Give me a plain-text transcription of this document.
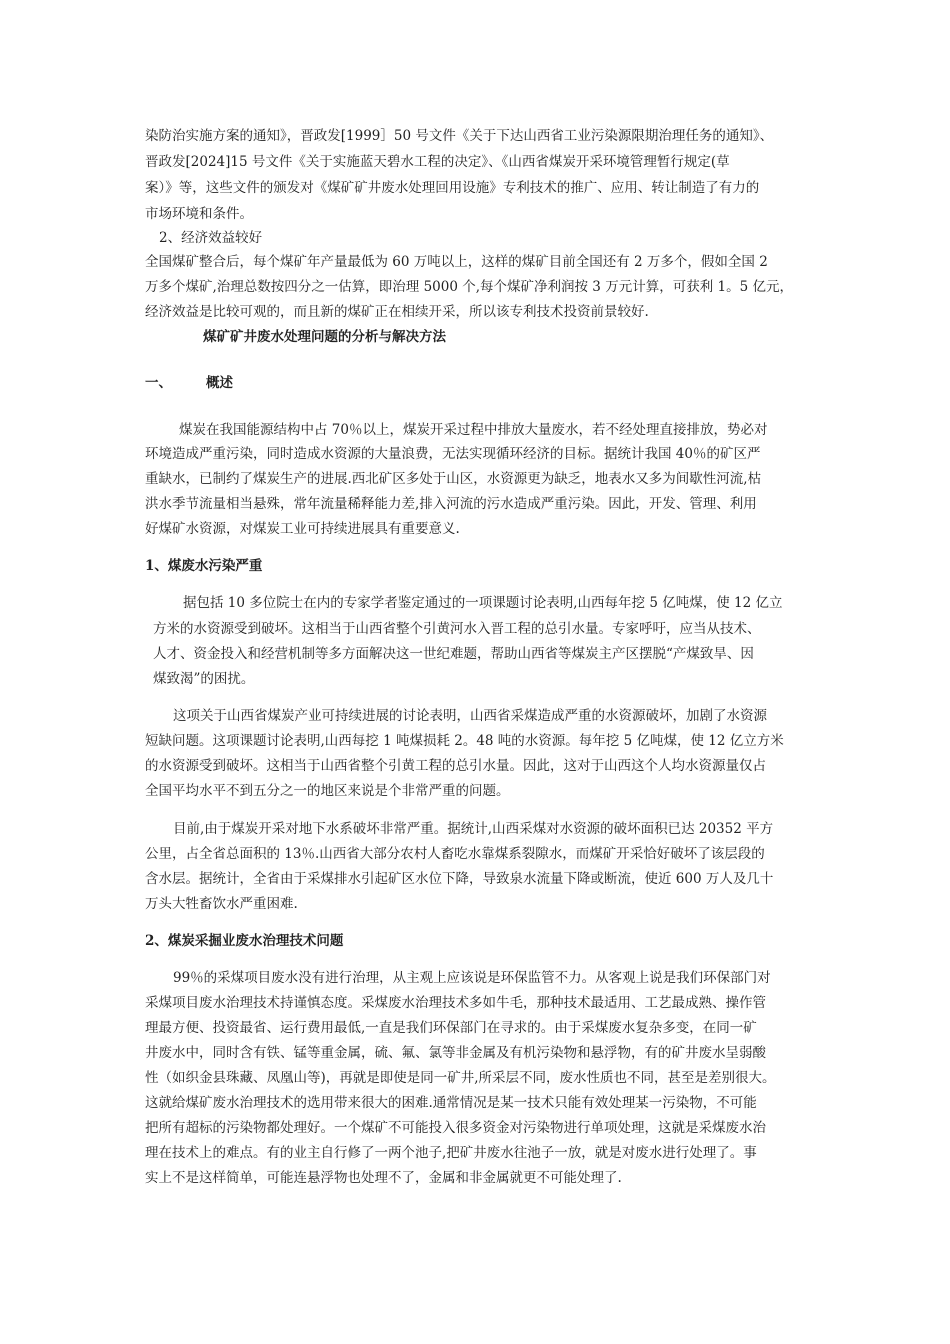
染防治实施方案的通知》，晋政发[1999］50 号文件《关于下达山西省工业污染源限期治理任务的通知》、
晋政发[2024]15 号文件《关于实施蓝天碧水工程的决定》、《山西省煤炭开采环境管理暂行规定(草
案）》等，这些文件的颁发对《煤矿矿井废水处理回用设施》专利技术的推广、应用、转让制造了有力的
市场环境和条件。
2、经济效益较好
全国煤矿整合后，每个煤矿年产量最低为 60 万吨以上，这样的煤矿目前全国还有 2 万多个，假如全国 2
万多个煤矿,治理总数按四分之一估算，即治理 5000 个,每个煤矿净利润按 3 万元计算，可获利 1。5 亿元，
经济效益是比较可观的，而且新的煤矿正在相续开采，所以该专利技术投资前景较好.
煤矿矿井废水处理问题的分析与解决方法
一、	概述
煤炭在我国能源结构中占 70％以上，煤炭开采过程中排放大量废水，若不经处理直接排放，势必对
环境造成严重污染，同时造成水资源的大量浪费，无法实现循环经济的目标。据统计我国 40％的矿区严
重缺水，已制约了煤炭生产的进展.西北矿区多处于山区，水资源更为缺乏，地表水又多为间歇性河流,枯
洪水季节流量相当悬殊，常年流量稀释能力差,排入河流的污水造成严重污染。因此，开发、管理、利用
好煤矿水资源，对煤炭工业可持续进展具有重要意义.
1、煤废水污染严重
据包括 10 多位院士在内的专家学者鉴定通过的一项课题讨论表明,山西每年挖 5 亿吨煤，使 12 亿立
方米的水资源受到破坏。这相当于山西省整个引黄河水入晋工程的总引水量。专家呼吁，应当从技术、
人才、资金投入和经营机制等多方面解决这一世纪难题，帮助山西省等煤炭主产区摆脱“产煤致旱、因
煤致渴”的困扰。
这项关于山西省煤炭产业可持续进展的讨论表明，山西省采煤造成严重的水资源破坏，加剧了水资源
短缺问题。这项课题讨论表明,山西每挖 1 吨煤损耗 2。48 吨的水资源。每年挖 5 亿吨煤，使 12 亿立方米
的水资源受到破坏。这相当于山西省整个引黄工程的总引水量。因此，这对于山西这个人均水资源量仅占
全国平均水平不到五分之一的地区来说是个非常严重的问题。
目前,由于煤炭开采对地下水系破坏非常严重。据统计,山西采煤对水资源的破坏面积已达 20352 平方
公里，占全省总面积的 13％.山西省大部分农村人畜吃水靠煤系裂隙水，而煤矿开采恰好破坏了该层段的
含水层。据统计，全省由于采煤排水引起矿区水位下降，导致泉水流量下降或断流，使近 600 万人及几十
万头大牲畜饮水严重困难.
2、煤炭采掘业废水治理技术问题
99％的采煤项目废水没有进行治理，从主观上应该说是环保监管不力。从客观上说是我们环保部门对
采煤项目废水治理技术持谨慎态度。采煤废水治理技术多如牛毛，那种技术最适用、工艺最成熟、操作管
理最方便、投资最省、运行费用最低,一直是我们环保部门在寻求的。由于采煤废水复杂多变，在同一矿
井废水中，同时含有铁、锰等重金属，硫、氟、氯等非金属及有机污染物和悬浮物，有的矿井废水呈弱酸
性（如织金县珠藏、凤凰山等)，再就是即使是同一矿井,所采层不同，废水性质也不同，甚至是差别很大。
这就给煤矿废水治理技术的选用带来很大的困难.通常情况是某一技术只能有效处理某一污染物，不可能
把所有超标的污染物都处理好。一个煤矿不可能投入很多资金对污染物进行单项处理，这就是采煤废水治
理在技术上的难点。有的业主自行修了一两个池子,把矿井废水往池子一放，就是对废水进行处理了。事
实上不是这样简单，可能连悬浮物也处理不了，金属和非金属就更不可能处理了.
